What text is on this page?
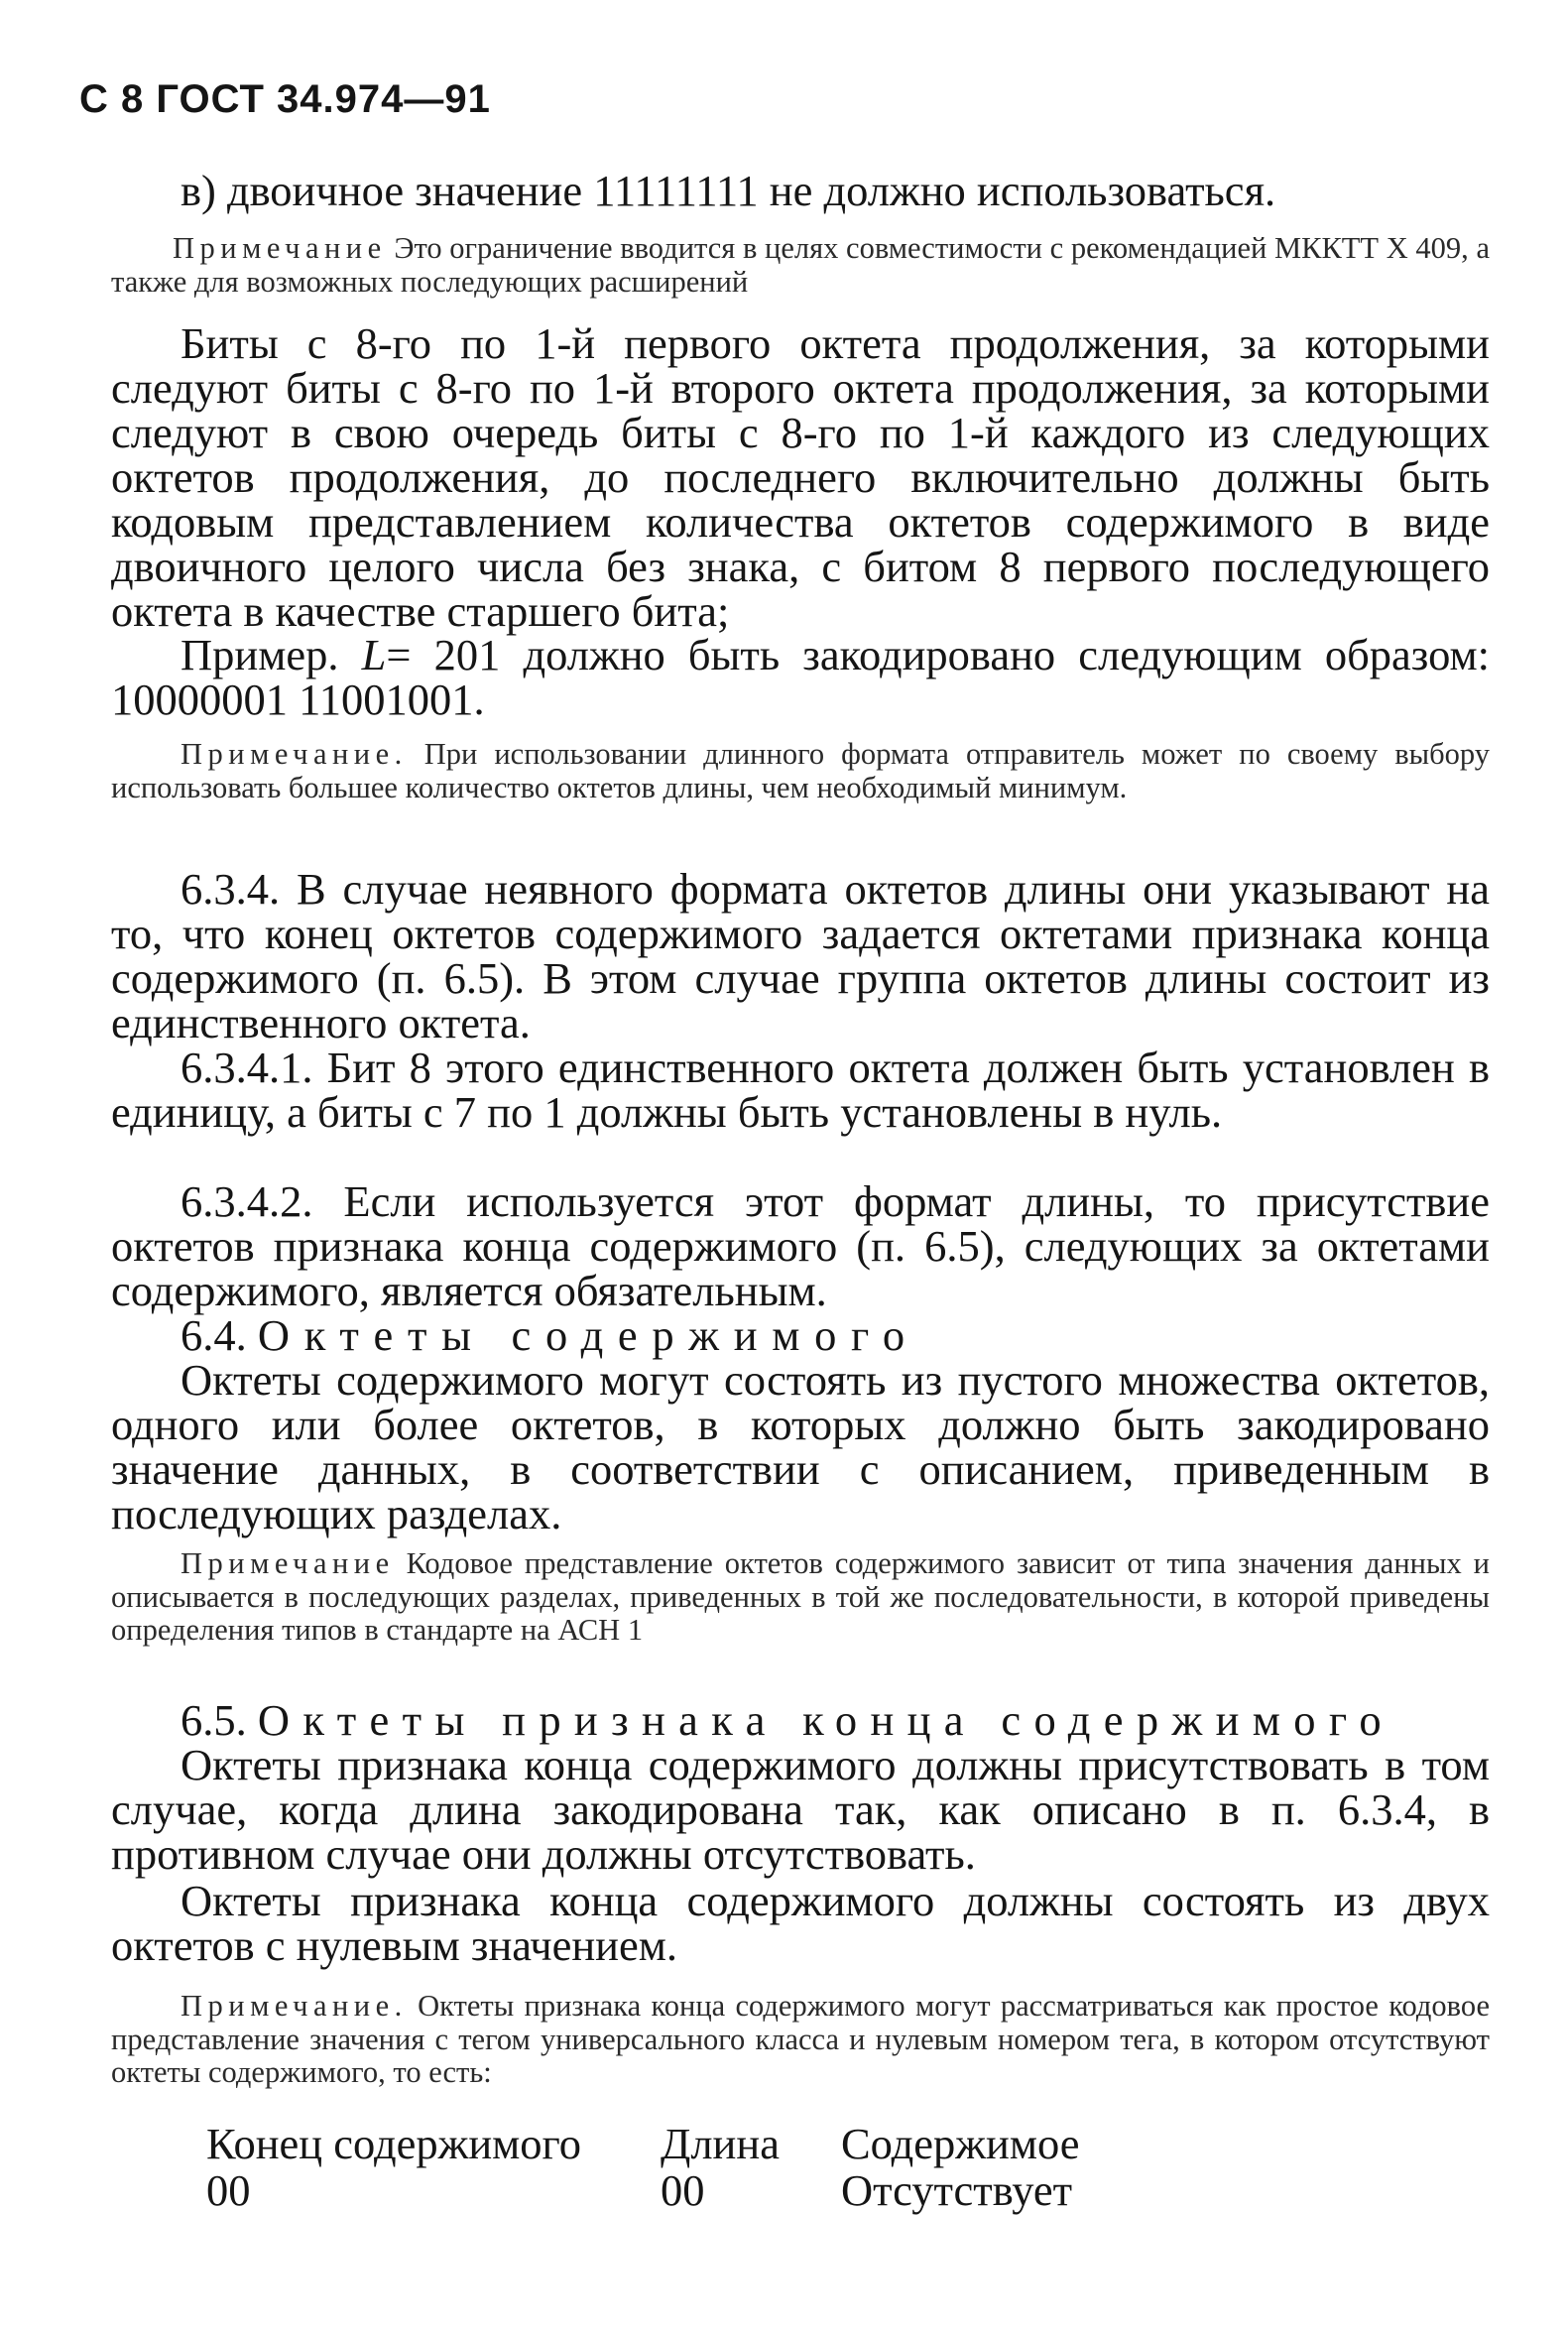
С 8 ГОСТ 34.974—91

в) двоичное значение 11111111 не должно использоваться.

Примечание Это ограничение вводится в целях совместимости с рекомендацией МККТТ Х 409, а также для возможных последующих расширений

Биты с 8-го по 1-й первого октета продолжения, за которыми следуют биты с 8-го по 1-й второго октета продолжения, за которыми следуют в свою очередь биты с 8-го по 1-й каждого из следующих октетов продолжения, до последнего включительно должны быть кодовым представлением количества октетов содержимого в виде двоичного целого числа без знака, с битом 8 первого последующего октета в качестве старшего бита;

Пример. L= 201 должно быть закодировано следующим образом: 10000001 11001001.

Примечание. При использовании длинного формата отправитель может по своему выбору использовать большее количество октетов длины, чем необходимый минимум.

6.3.4. В случае неявного формата октетов длины они указывают на то, что конец октетов содержимого задается октетами признака конца содержимого (п. 6.5). В этом случае группа октетов длины состоит из единственного октета.

6.3.4.1. Бит 8 этого единственного октета должен быть установлен в единицу, а биты с 7 по 1 должны быть установлены в нуль.

6.3.4.2. Если используется этот формат длины, то присутствие октетов признака конца содержимого (п. 6.5), следующих за октетами содержимого, является обязательным.

6.4. Октеты содержимого

Октеты содержимого могут состоять из пустого множества октетов, одного или более октетов, в которых должно быть закодировано значение данных, в соответствии с описанием, приведенным в последующих разделах.

Примечание Кодовое представление октетов содержимого зависит от типа значения данных и описывается в последующих разделах, приведенных в той же последовательности, в которой приведены определения типов в стандарте на АСН 1

6.5. Октеты признака конца содержимого

Октеты признака конца содержимого должны присутствовать в том случае, когда длина закодирована так, как описано в п. 6.3.4, в противном случае они должны отсутствовать.

Октеты признака конца содержимого должны состоять из двух октетов с нулевым значением.

Примечание. Октеты признака конца содержимого могут рассматриваться как простое кодовое представление значения с тегом универсального класса и нулевым номером тега, в котором отсутствуют октеты содержимого, то есть:

Конец содержимого Длина Содержимое
00	00	Отсутствует
